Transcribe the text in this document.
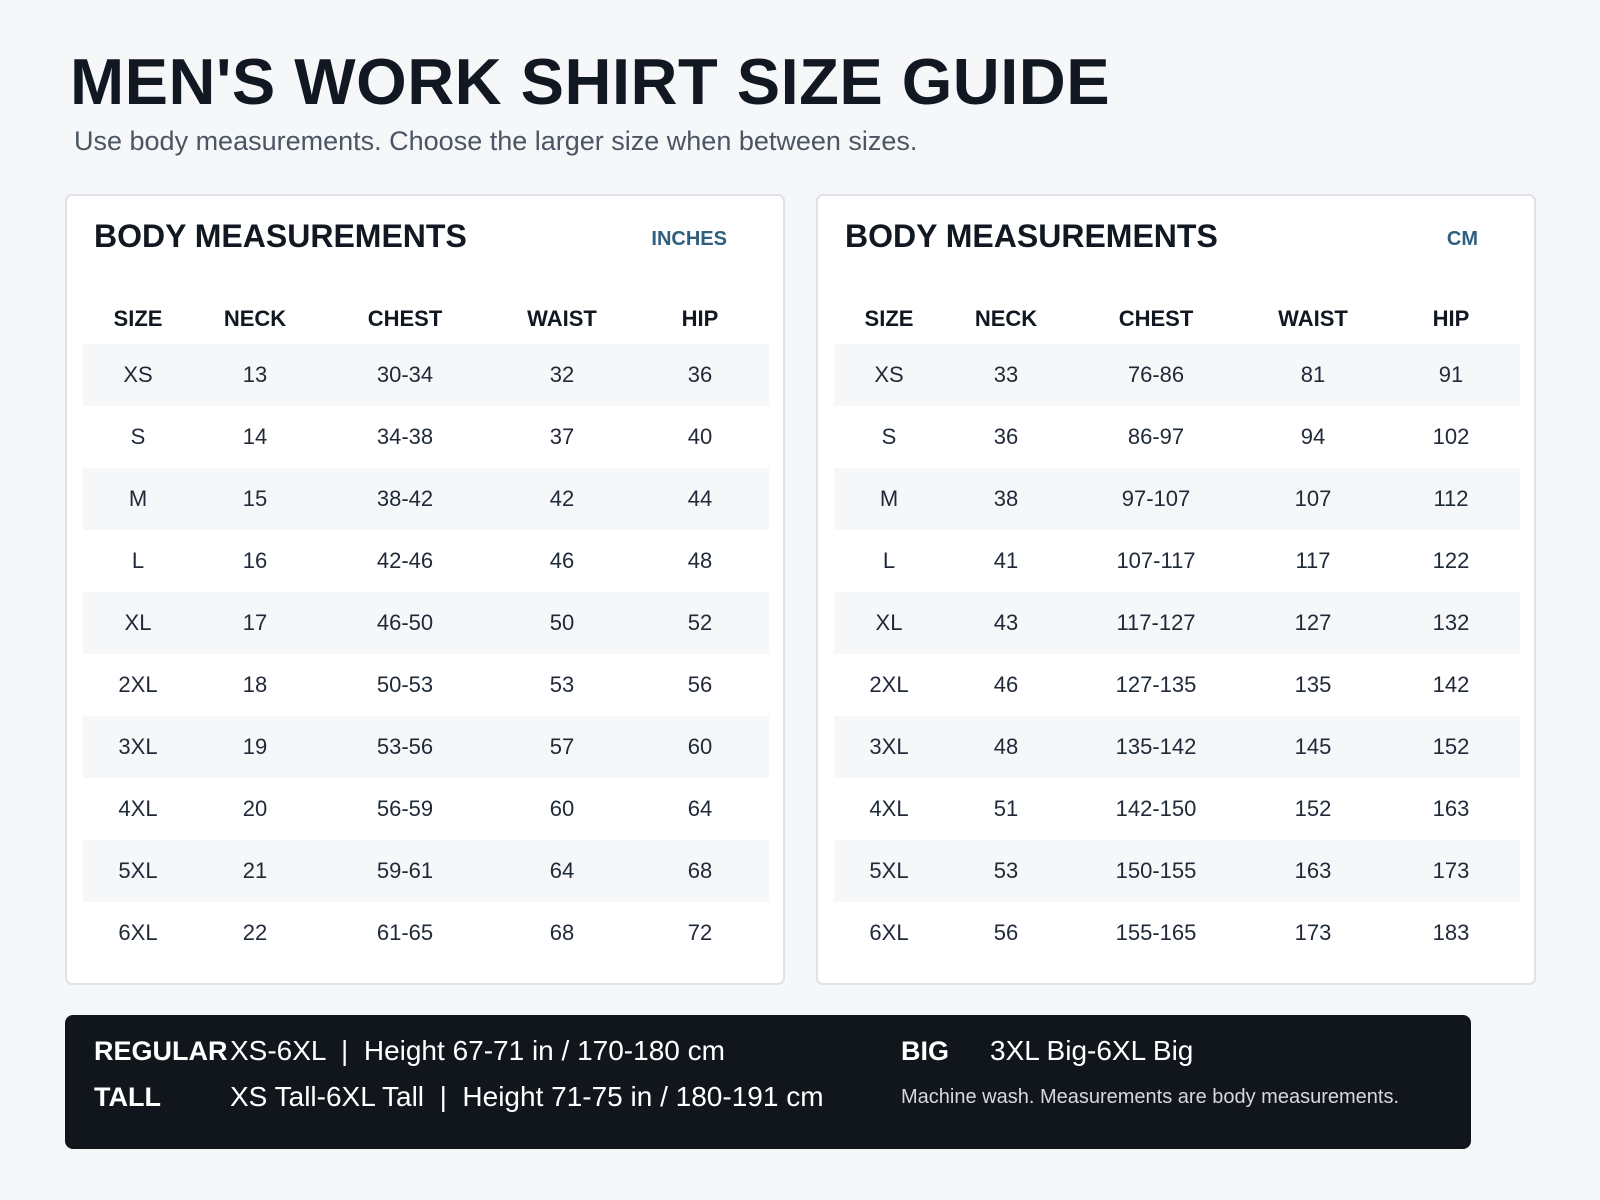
MEN'S WORK SHIRT SIZE GUIDE
Use body measurements. Choose the larger size when between sizes.
BODY MEASUREMENTS	INCHES
SIZE	NECK	CHEST	WAIST	HIP
XS	13	30-34	32	36
S	14	34-38	37	40
M	15	38-42	42	44
L	16	42-46	46	48
XL	17	46-50	50	52
2XL	18	50-53	53	56
3XL	19	53-56	57	60
4XL	20	56-59	60	64
5XL	21	59-61	64	68
6XL	22	61-65	68	72
BODY MEASUREMENTS	CM
SIZE	NECK	CHEST	WAIST	HIP
XS	33	76-86	81	91
S	36	86-97	94	102
M	38	97-107	107	112
L	41	107-117	117	122
XL	43	117-127	127	132
2XL	46	127-135	135	142
3XL	48	135-142	145	152
4XL	51	142-150	152	163
5XL	53	150-155	163	173
6XL	56	155-165	173	183
REGULAR XS-6XL  |  Height 67-71 in / 170-180 cm
TALL XS Tall-6XL Tall  |  Height 71-75 in / 180-191 cm
BIG 3XL Big-6XL Big
Machine wash. Measurements are body measurements.
